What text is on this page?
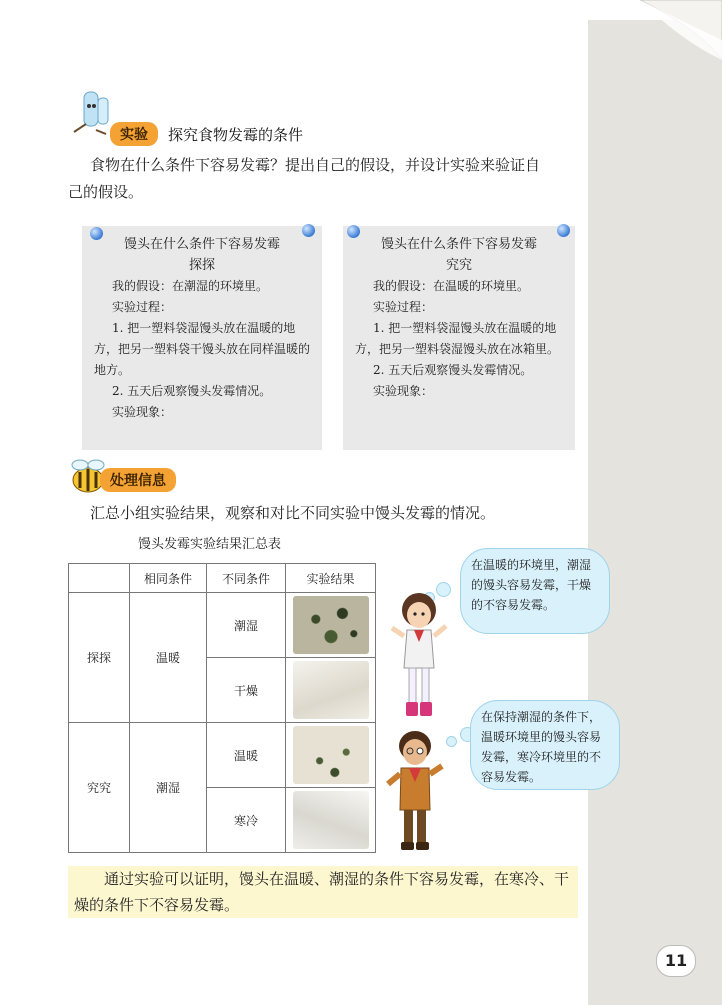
实验	探究食物发霉的条件
食物在什么条件下容易发霉？提出自己的假设，并设计实验来验证自
己的假设。
馒头在什么条件下容易发霉
探探
我的假设：在潮湿的环境里。
实验过程：
1. 把一塑料袋湿馒头放在温暖的地方，把另一塑料袋干馒头放在同样温暖的地方。
2. 五天后观察馒头发霉情况。
实验现象：
馒头在什么条件下容易发霉
究究
我的假设：在温暖的环境里。
实验过程：
1. 把一塑料袋湿馒头放在温暖的地方，把另一塑料袋湿馒头放在冰箱里。
2. 五天后观察馒头发霉情况。
实验现象：
处理信息
汇总小组实验结果，观察和对比不同实验中馒头发霉的情况。
馒头发霉实验结果汇总表
	相同条件	不同条件	实验结果
探探	温暖	潮湿	

		干燥	

究究	潮湿	温暖	

		寒冷	
在温暖的环境里，潮湿的馒头容易发霉，干燥的不容易发霉。
在保持潮湿的条件下，温暖环境里的馒头容易发霉，寒冷环境里的不容易发霉。
通过实验可以证明，馒头在温暖、潮湿的条件下容易发霉，在寒冷、干燥的条件下不容易发霉。
11
